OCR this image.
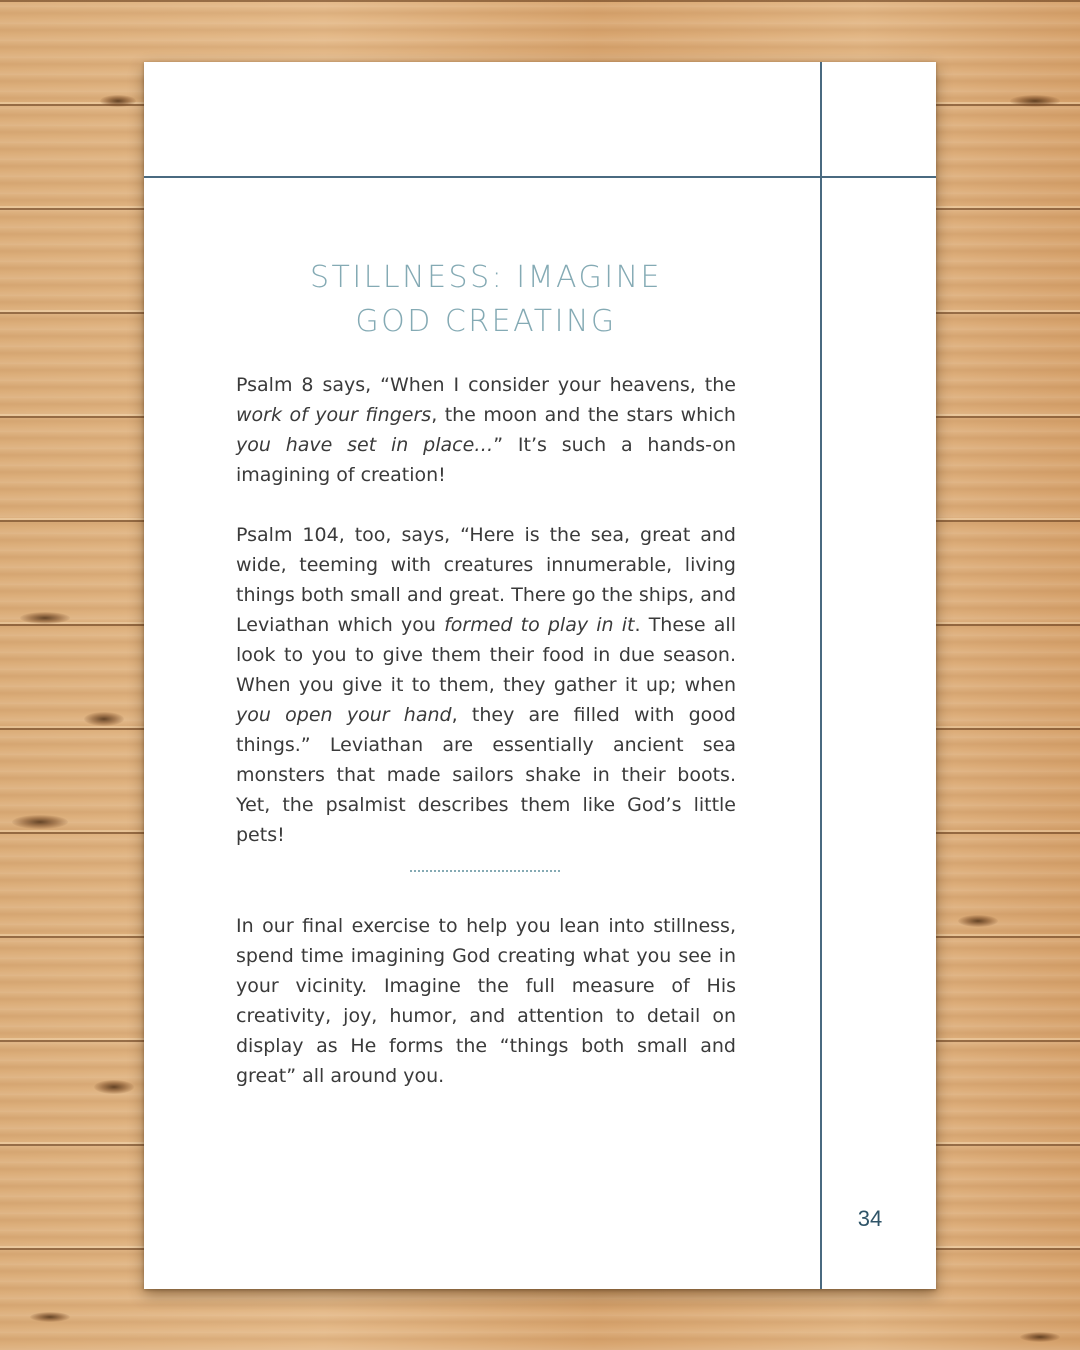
STILLNESS: IMAGINE
GOD CREATING

Psalm 8 says, “When I consider your heavens, the work of your fingers, the moon and the stars which you have set in place…” It’s such a hands-on imagining of creation!

Psalm 104, too, says, “Here is the sea, great and wide, teeming with creatures innumerable, living things both small and great. There go the ships, and Leviathan which you formed to play in it. These all look to you to give them their food in due season. When you give it to them, they gather it up; when you open your hand, they are filled with good things.” Leviathan are essentially ancient sea monsters that made sailors shake in their boots. Yet, the psalmist describes them like God’s little pets!

In our final exercise to help you lean into stillness, spend time imagining God creating what you see in your vicinity. Imagine the full measure of His creativity, joy, humor, and attention to detail on display as He forms the “things both small and great” all around you.

34
